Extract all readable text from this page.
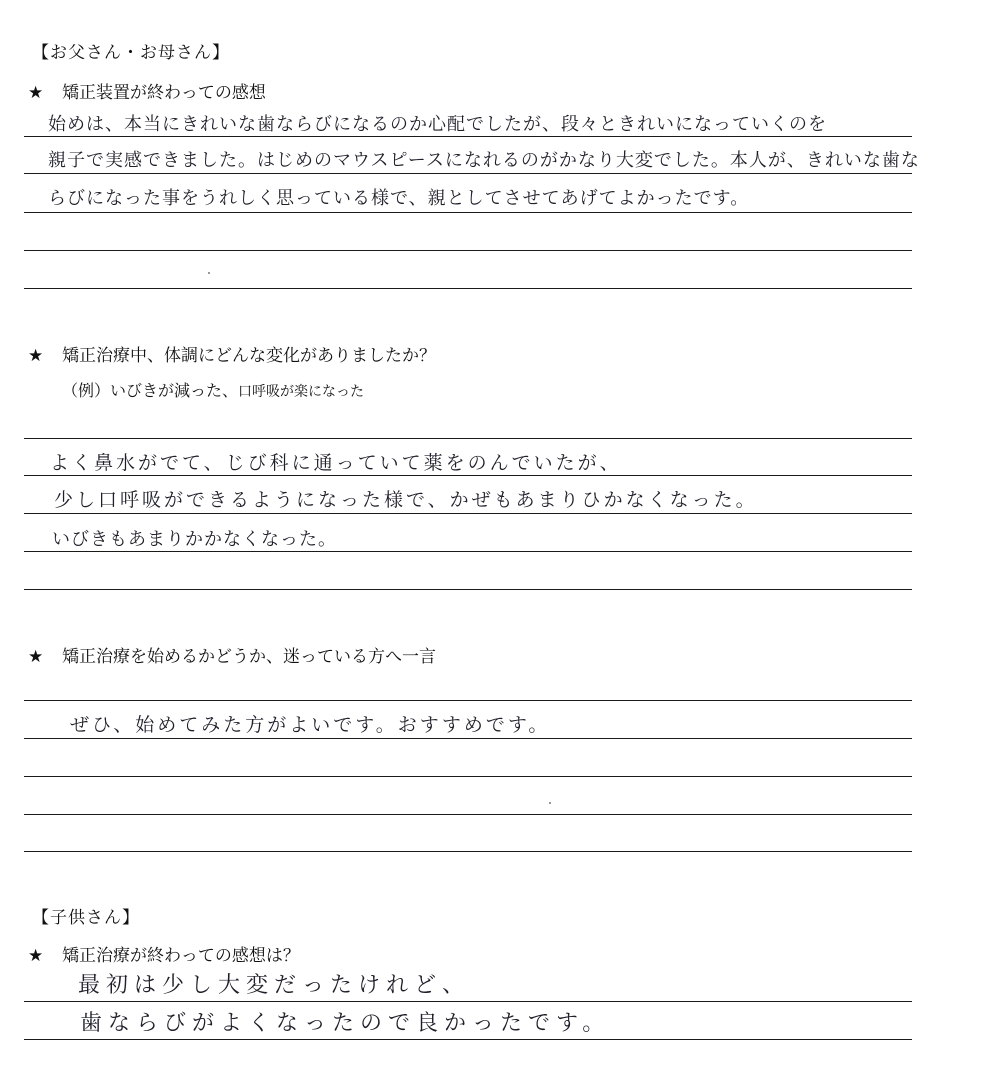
【お父さん・お母さん】
★ 矯正装置が終わっての感想
始めは、本当にきれいな歯ならびになるのか心配でしたが、段々ときれいになっていくのを
親子で実感できました。はじめのマウスピースになれるのがかなり大変でした。本人が、きれいな歯な
らびになった事をうれしく思っている様で、親としてさせてあげてよかったです。
★ 矯正治療中、体調にどんな変化がありましたか？
（例）いびきが減った、口呼吸が楽になった
よく鼻水がでて、じび科に通っていて薬をのんでいたが、
少し口呼吸ができるようになった様で、かぜもあまりひかなくなった。
いびきもあまりかかなくなった。
★ 矯正治療を始めるかどうか、迷っている方へ一言
ぜひ、始めてみた方がよいです。おすすめです。
【子供さん】
★ 矯正治療が終わっての感想は？
最初は少し大変だったけれど、
歯ならびがよくなったので良かったです。
